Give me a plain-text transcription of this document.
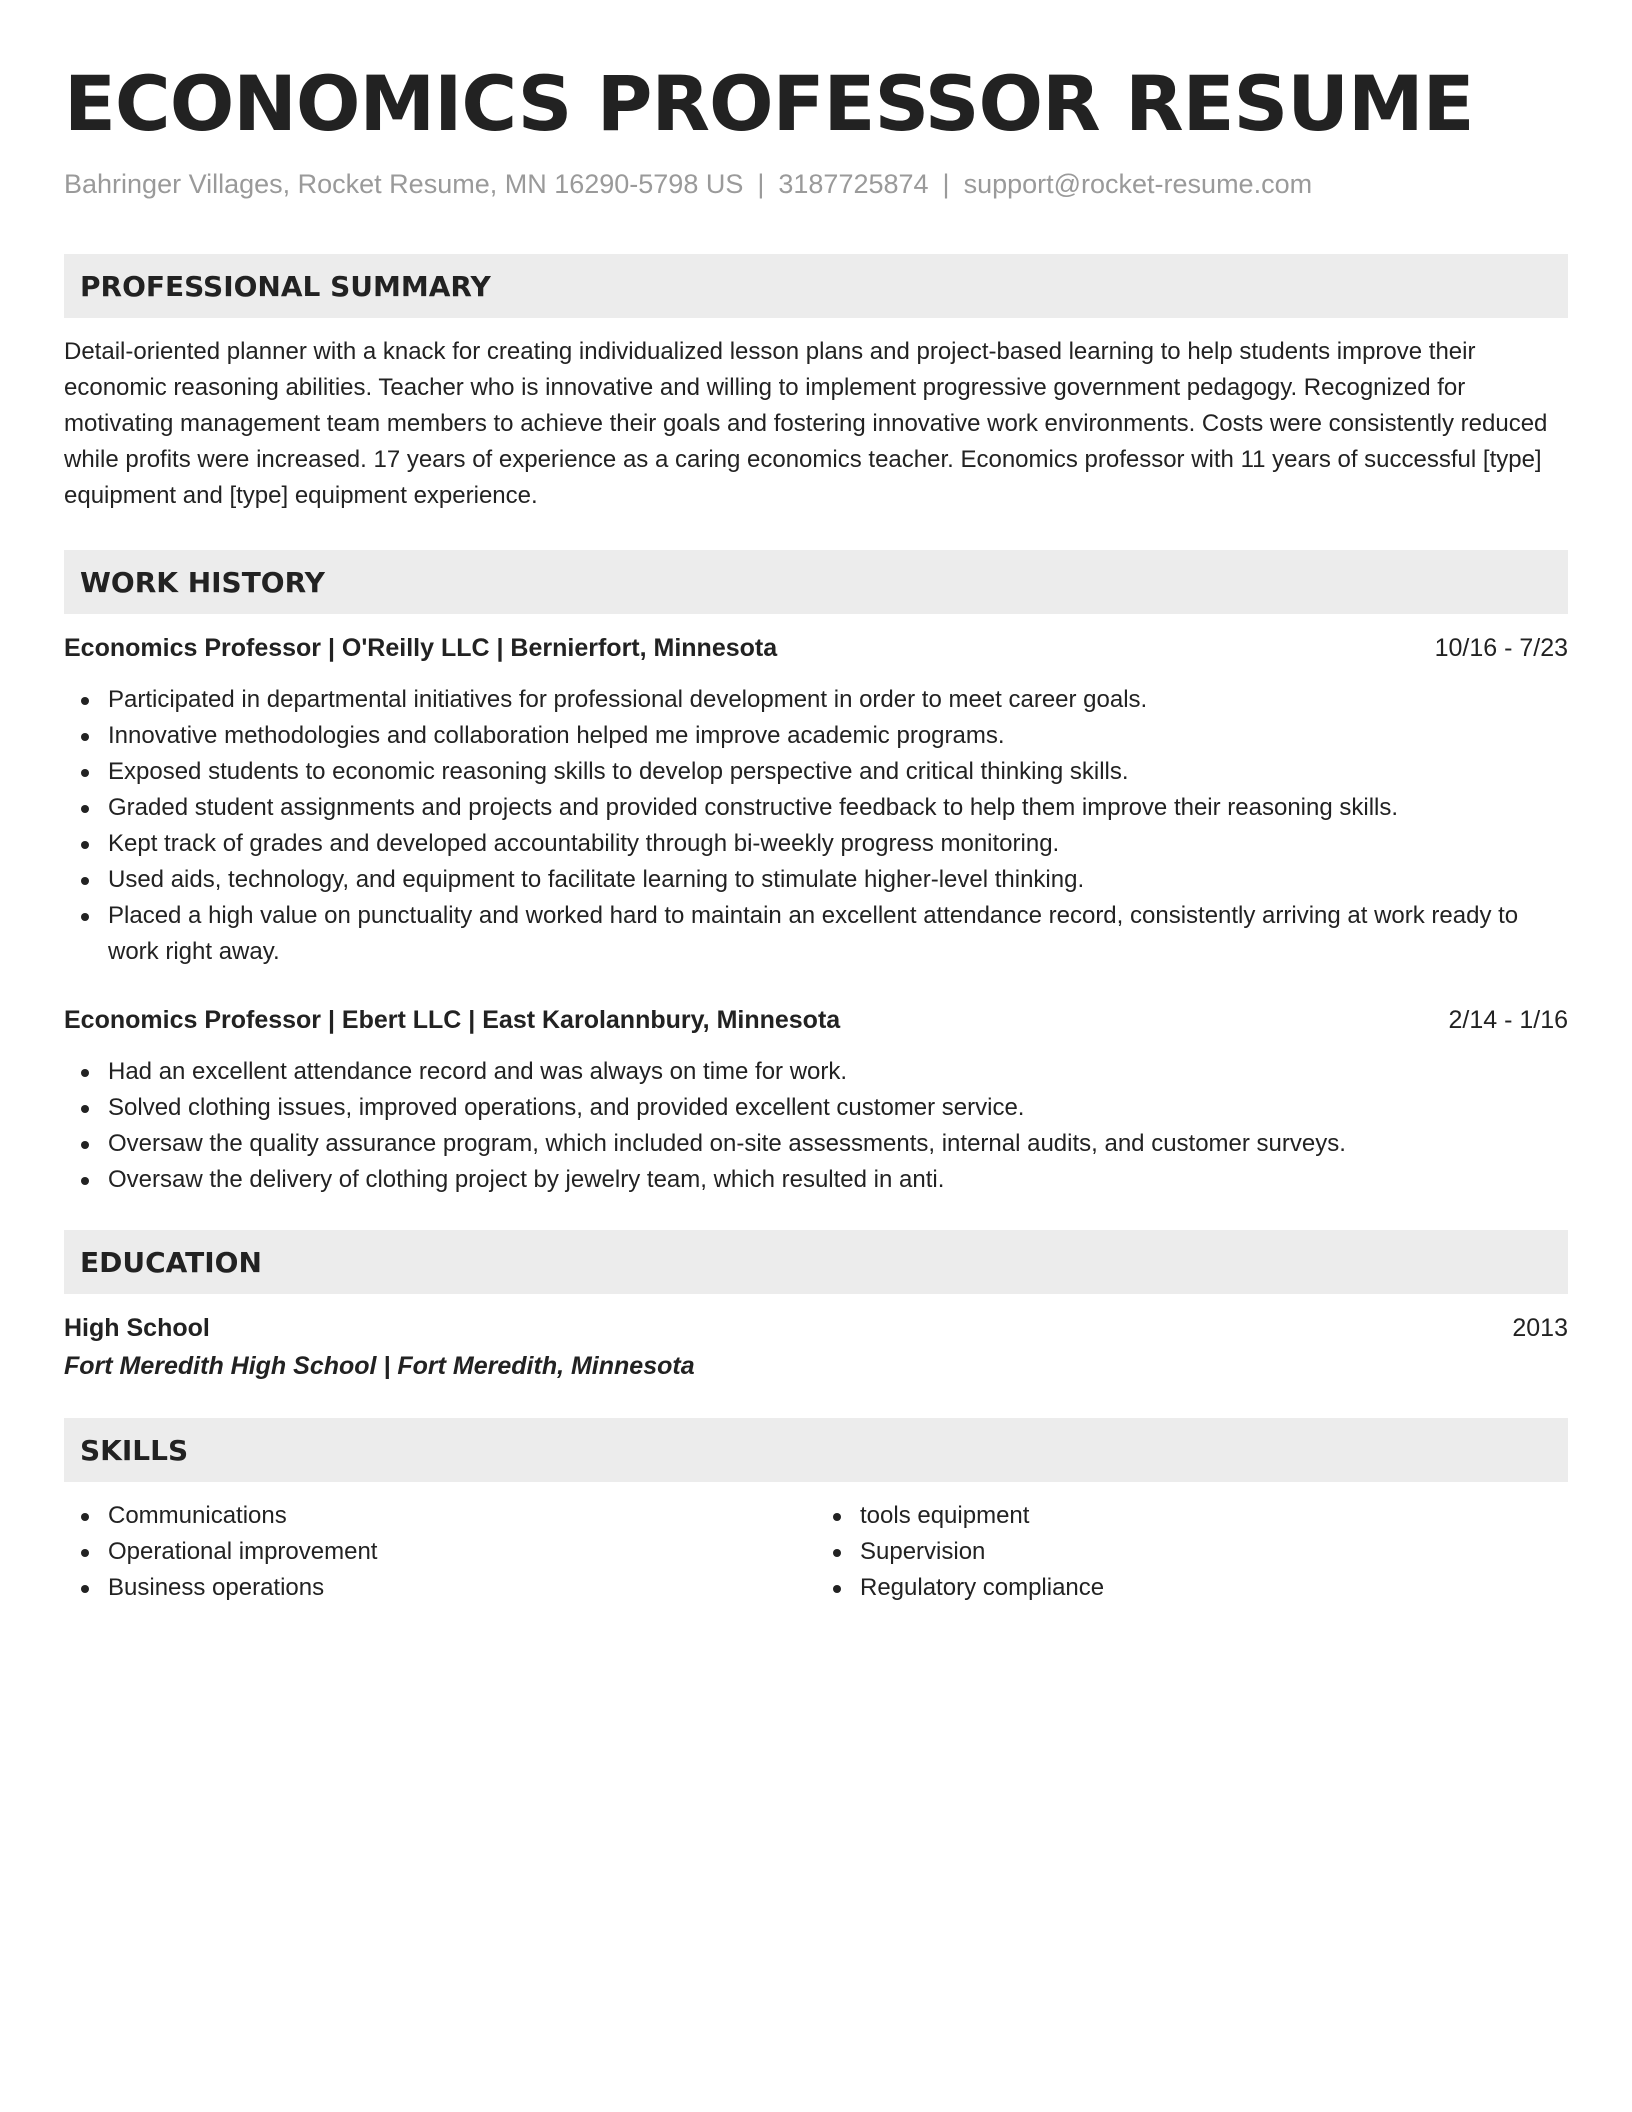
ECONOMICS PROFESSOR RESUME
Bahringer Villages, Rocket Resume, MN 16290-5798 US | 3187725874 | support@rocket-resume.com
PROFESSIONAL SUMMARY

Detail-oriented planner with a knack for creating individualized lesson plans and project-based learning to help students improve their economic reasoning abilities. Teacher who is innovative and willing to implement progressive government pedagogy. Recognized for motivating management team members to achieve their goals and fostering innovative work environments. Costs were consistently reduced while profits were increased. 17 years of experience as a caring economics teacher. Economics professor with 11 years of successful [type] equipment and [type] equipment experience.

WORK HISTORY
Economics Professor | O'Reilly LLC | Bernierfort, Minnesota	10/16 - 7/23
Participated in departmental initiatives for professional development in order to meet career goals.
Innovative methodologies and collaboration helped me improve academic programs.
Exposed students to economic reasoning skills to develop perspective and critical thinking skills.
Graded student assignments and projects and provided constructive feedback to help them improve their reasoning skills.
Kept track of grades and developed accountability through bi-weekly progress monitoring.
Used aids, technology, and equipment to facilitate learning to stimulate higher-level thinking.
Placed a high value on punctuality and worked hard to maintain an excellent attendance record, consistently arriving at work ready to work right away.
Economics Professor | Ebert LLC | East Karolannbury, Minnesota	2/14 - 1/16
Had an excellent attendance record and was always on time for work.
Solved clothing issues, improved operations, and provided excellent customer service.
Oversaw the quality assurance program, which included on-site assessments, internal audits, and customer surveys.
Oversaw the delivery of clothing project by jewelry team, which resulted in anti.
EDUCATION
High School	2013
Fort Meredith High School | Fort Meredith, Minnesota
SKILLS
Communications
Operational improvement
Business operations
tools equipment
Supervision
Regulatory compliance
